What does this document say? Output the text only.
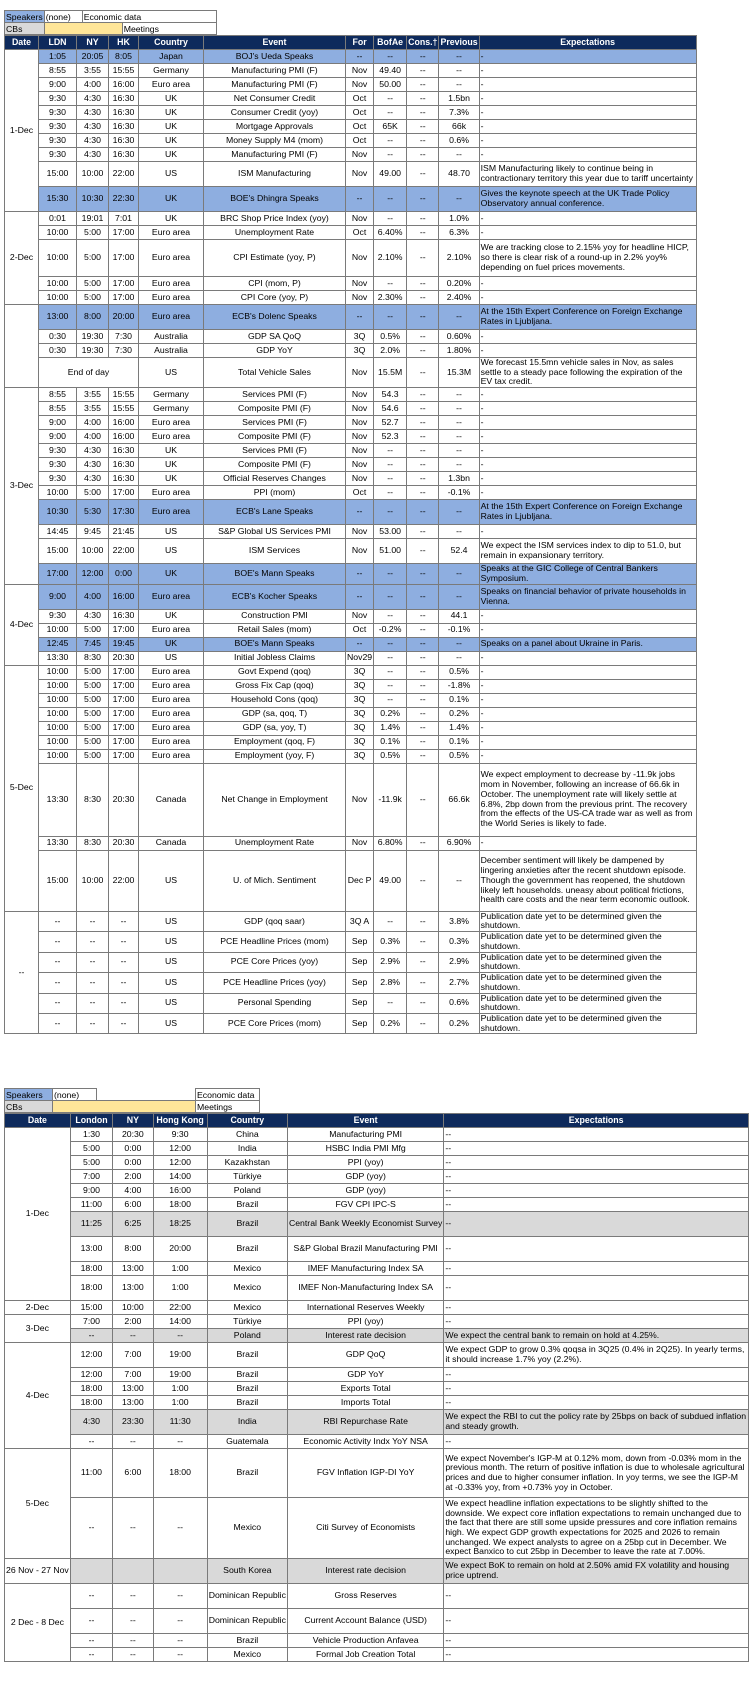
Speakers	(none)	Economic data	
CBs			Meetings
Date	LDN	NY	HK	Country	Event	For	BofAe	Cons.†	Previous	Expectations
1-Dec	1:05	20:05	8:05	Japan	BOJ's Ueda Speaks	--	--	--	--	-
	8:55	3:55	15:55	Germany	Manufacturing PMI (F)	Nov	49.40	--	--	-
	9:00	4:00	16:00	Euro area	Manufacturing PMI (F)	Nov	50.00	--	--	-
	9:30	4:30	16:30	UK	Net Consumer Credit	Oct	--	--	1.5bn	-
	9:30	4:30	16:30	UK	Consumer Credit (yoy)	Oct	--	--	7.3%	-
	9:30	4:30	16:30	UK	Mortgage Approvals	Oct	65K	--	66k	-
	9:30	4:30	16:30	UK	Money Supply M4 (mom)	Oct	--	--	0.6%	-
	9:30	4:30	16:30	UK	Manufacturing PMI (F)	Nov	--	--	--	-
	15:00	10:00	22:00	US	ISM Manufacturing	Nov	49.00	--	48.70	ISM Manufacturing likely to continue being in contractionary territory this year due to tariff uncertainty
	15:30	10:30	22:30	UK	BOE's Dhingra Speaks	--	--	--	--	Gives the keynote speech at the UK Trade Policy Observatory annual conference.
2-Dec	0:01	19:01	7:01	UK	BRC Shop Price Index (yoy)	Nov	--	--	1.0%	-
	10:00	5:00	17:00	Euro area	Unemployment Rate	Oct	6.40%	--	6.3%	-
	10:00	5:00	17:00	Euro area	CPI Estimate (yoy, P)	Nov	2.10%	--	2.10%	We are tracking close to 2.15% yoy for headline HICP, so there is clear risk of a round-up in 2.2% yoy% depending on fuel prices movements.
	10:00	5:00	17:00	Euro area	CPI (mom, P)	Nov	--	--	0.20%	-
	10:00	5:00	17:00	Euro area	CPI Core (yoy, P)	Nov	2.30%	--	2.40%	-
	13:00	8:00	20:00	Euro area	ECB's Dolenc Speaks	--	--	--	--	At the 15th Expert Conference on Foreign Exchange Rates in Ljubljana.
	0:30	19:30	7:30	Australia	GDP SA QoQ	3Q	0.5%	--	0.60%	-
	0:30	19:30	7:30	Australia	GDP YoY	3Q	2.0%	--	1.80%	-
	End of day			US	Total Vehicle Sales	Nov	15.5M	--	15.3M	We forecast 15.5mn vehicle sales in Nov, as sales settle to a steady pace following the expiration of the EV tax credit.
3-Dec	8:55	3:55	15:55	Germany	Services PMI (F)	Nov	54.3	--	--	-
	8:55	3:55	15:55	Germany	Composite PMI (F)	Nov	54.6	--	--	-
	9:00	4:00	16:00	Euro area	Services PMI (F)	Nov	52.7	--	--	-
	9:00	4:00	16:00	Euro area	Composite PMI (F)	Nov	52.3	--	--	-
	9:30	4:30	16:30	UK	Services PMI (F)	Nov	--	--	--	-
	9:30	4:30	16:30	UK	Composite PMI (F)	Nov	--	--	--	-
	9:30	4:30	16:30	UK	Official Reserves Changes	Nov	--	--	1.3bn	-
	10:00	5:00	17:00	Euro area	PPI (mom)	Oct	--	--	-0.1%	-
	10:30	5:30	17:30	Euro area	ECB's Lane Speaks	--	--	--	--	At the 15th Expert Conference on Foreign Exchange Rates in Ljubljana.
	14:45	9:45	21:45	US	S&P Global US Services PMI	Nov	53.00	--	--	-
	15:00	10:00	22:00	US	ISM Services	Nov	51.00	--	52.4	We expect the ISM services index to dip to 51.0, but remain in expansionary territory.
	17:00	12:00	0:00	UK	BOE's Mann Speaks	--	--	--	--	Speaks at the GIC College of Central Bankers Symposium.
4-Dec	9:00	4:00	16:00	Euro area	ECB's Kocher Speaks	--	--	--	--	Speaks on financial behavior of private households in Vienna.
	9:30	4:30	16:30	UK	Construction PMI	Nov	--	--	44.1	-
	10:00	5:00	17:00	Euro area	Retail Sales (mom)	Oct	-0.2%	--	-0.1%	-
	12:45	7:45	19:45	UK	BOE's Mann Speaks	--	--	--	--	Speaks on a panel about Ukraine in Paris.
	13:30	8:30	20:30	US	Initial Jobless Claims	Nov29	--	--	--	-
5-Dec	10:00	5:00	17:00	Euro area	Govt Expend (qoq)	3Q	--	--	0.5%	-
	10:00	5:00	17:00	Euro area	Gross Fix Cap (qoq)	3Q	--	--	-1.8%	-
	10:00	5:00	17:00	Euro area	Household Cons (qoq)	3Q	--	--	0.1%	-
	10:00	5:00	17:00	Euro area	GDP (sa, qoq, T)	3Q	0.2%	--	0.2%	-
	10:00	5:00	17:00	Euro area	GDP (sa, yoy, T)	3Q	1.4%	--	1.4%	-
	10:00	5:00	17:00	Euro area	Employment (qoq, F)	3Q	0.1%	--	0.1%	-
	10:00	5:00	17:00	Euro area	Employment (yoy, F)	3Q	0.5%	--	0.5%	-
	13:30	8:30	20:30	Canada	Net Change in Employment	Nov	-11.9k	--	66.6k	We expect employment to decrease by -11.9k jobs mom in November, following an increase of 66.6k in October. The unemployment rate will likely settle at 6.8%, 2bp down from the previous print. The recovery from the effects of the US-CA trade war as well as from the World Series is likely to fade.
	13:30	8:30	20:30	Canada	Unemployment Rate	Nov	6.80%	--	6.90%	-
	15:00	10:00	22:00	US	U. of Mich. Sentiment	Dec P	49.00	--	--	December sentiment will likely be dampened by lingering anxieties after the recent shutdown episode. Though the government has reopened, the shutdown likely left households. uneasy about political frictions, health care costs and the near term economic outlook.
--	--	--	--	US	GDP (qoq saar)	3Q A	--	--	3.8%	Publication date yet to be determined given the shutdown.
	--	--	--	US	PCE Headline Prices (mom)	Sep	0.3%	--	0.3%	Publication date yet to be determined given the shutdown.
	--	--	--	US	PCE Core Prices (yoy)	Sep	2.9%	--	2.9%	Publication date yet to be determined given the shutdown.
	--	--	--	US	PCE Headline Prices (yoy)	Sep	2.8%	--	2.7%	Publication date yet to be determined given the shutdown.
	--	--	--	US	Personal Spending	Sep	--	--	0.6%	Publication date yet to be determined given the shutdown.
	--	--	--	US	PCE Core Prices (mom)	Sep	0.2%	--	0.2%	Publication date yet to be determined given the shutdown.
Speakers	(none)		Economic data
CBs			Meetings
Date	London	NY	Hong Kong	Country	Event	Expectations
1-Dec	1:30	20:30	9:30	China	Manufacturing PMI	--
	5:00	0:00	12:00	India	HSBC India PMI Mfg	--
	5:00	0:00	12:00	Kazakhstan	PPI (yoy)	--
	7:00	2:00	14:00	Türkiye	GDP (yoy)	--
	9:00	4:00	16:00	Poland	GDP (yoy)	--
	11:00	6:00	18:00	Brazil	FGV CPI IPC-S	--
	11:25	6:25	18:25	Brazil	Central Bank Weekly Economist Survey	--
	13:00	8:00	20:00	Brazil	S&P Global Brazil Manufacturing PMI	--
	18:00	13:00	1:00	Mexico	IMEF Manufacturing Index SA	--
	18:00	13:00	1:00	Mexico	IMEF Non-Manufacturing Index SA	--
2-Dec	15:00	10:00	22:00	Mexico	International Reserves Weekly	--
3-Dec	7:00	2:00	14:00	Türkiye	PPI (yoy)	--
	--	--	--	Poland	Interest rate decision	We expect the central bank to remain on hold at 4.25%.
4-Dec	12:00	7:00	19:00	Brazil	GDP QoQ	We expect GDP to grow 0.3% qoqsa in 3Q25 (0.4% in 2Q25). In yearly terms, it should increase 1.7% yoy (2.2%).
	12:00	7:00	19:00	Brazil	GDP YoY	--
	18:00	13:00	1:00	Brazil	Exports Total	--
	18:00	13:00	1:00	Brazil	Imports Total	--
	4:30	23:30	11:30	India	RBI Repurchase Rate	We expect the RBI to cut the policy rate by 25bps on back of subdued inflation and steady growth.
	--	--	--	Guatemala	Economic Activity Indx YoY NSA	--
5-Dec	11:00	6:00	18:00	Brazil	FGV Inflation IGP-DI YoY	We expect November's IGP-M at 0.12% mom, down from -0.03% mom in the previous month. The return of positive inflation is due to wholesale agricultural prices and due to higher consumer inflation. In yoy terms, we see the IGP-M at -0.33% yoy, from +0.73% yoy in October.
	--	--	--	Mexico	Citi Survey of Economists	We expect headline inflation expectations to be slightly shifted to the downside. We expect core inflation expectations to remain unchanged due to the fact that there are still some upside pressures and core inflation remains high. We expect GDP growth expectations for 2025 and 2026 to remain unchanged. We expect analysts to agree on a 25bp cut in December. We expect Banxico to cut 25bp in December to leave the rate at 7.00%.
26 Nov - 27 Nov				South Korea	Interest rate decision	We expect BoK to remain on hold at 2.50% amid FX volatility and housing price uptrend.
2 Dec - 8 Dec	--	--	--	Dominican Republic	Gross Reserves	--
	--	--	--	Dominican Republic	Current Account Balance (USD)	--
	--	--	--	Brazil	Vehicle Production Anfavea	--
	--	--	--	Mexico	Formal Job Creation Total	--
